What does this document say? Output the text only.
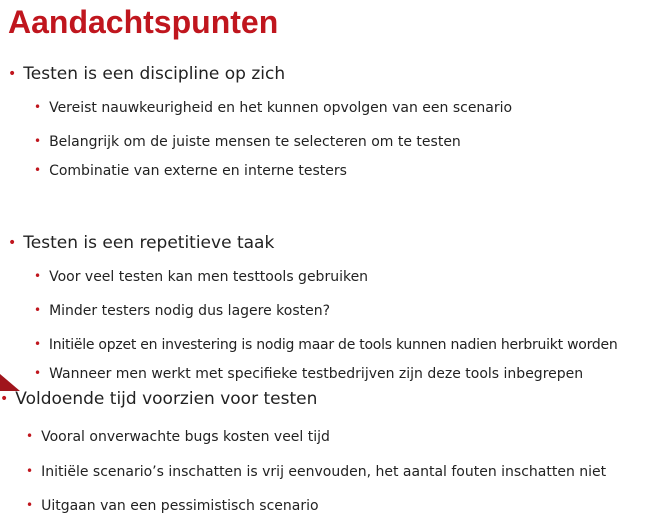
Aandachtspunten
• Testen is een discipline op zich
• Vereist nauwkeurigheid en het kunnen opvolgen van een scenario
• Belangrijk om de juiste mensen te selecteren om te testen
• Combinatie van externe en interne testers
• Testen is een repetitieve taak
• Voor veel testen kan men testtools gebruiken
• Minder testers nodig dus lagere kosten?
• Initiële opzet en investering is nodig maar de tools kunnen nadien herbruikt worden
• Wanneer men werkt met specifieke testbedrijven zijn deze tools inbegrepen
• Voldoende tijd voorzien voor testen
• Vooral onverwachte bugs kosten veel tijd
• Initiële scenario’s inschatten is vrij eenvouden, het aantal fouten inschatten niet
• Uitgaan van een pessimistisch scenario
